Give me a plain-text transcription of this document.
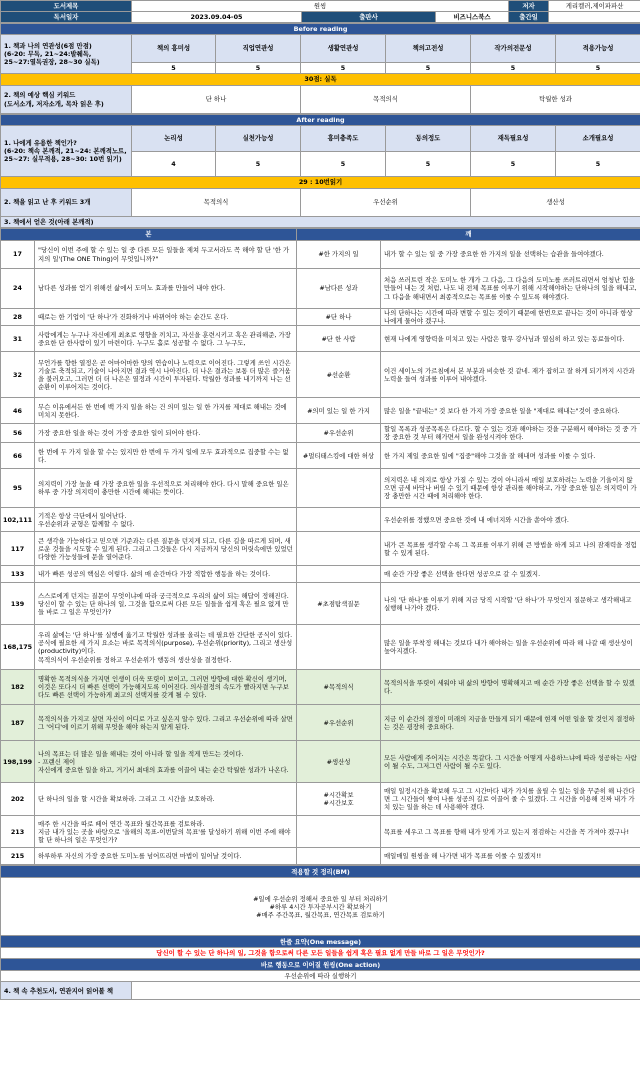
도서제목	원씽			저자	게리켈러,제이파파산
독서일자	2023.09.04-05	출판사	비즈니스북스	출간일	
Before reading						
1. 책과 나의 연관성(6점 만점)
(6-20: 무독, 21~24:발췌독,
25~27:열독권장, 28~30 실독)	책의 흥미성	직업연관성	생활연관성	책의고전성	작가의전문성	적용가능성
	5	5	5	5	5	5
30점: 실독						
2. 책의 예상 핵심 키워드
(도서소개, 저자소개, 목차 읽은 후)	단 하나		목적의식		탁월한 성과	
After reading						
1. 나에게 유용한 책인가?
(6-20: 책속 본깨적, 21~24: 본깨적노트,
25~27: 실무적용, 28~30: 10번 읽기)	논리성	실천가능성	흥미충족도	동의정도	재독필요성	소개필요성
	4	5	5	5	5	5
29 : 10번읽기						
2. 책을 읽고 난 후 키워드 3개	목적의식		우선순위		생산성	
3. 책에서 얻은 것(아래 본깨적)						
본		깨	
17	"당신이 이번 주에 할 수 있는 일 중 다른 모든 일들을 제쳐 두고서라도 꼭 해야 할 단 '한 가지의 일'(The ONE Thing)이 무엇입니까?"	#한 가지의 일	내가 할 수 있는 일 중 가장 중요한 한 가지의 일을 선택하는 습관을 들여야겠다.
24	남다른 성과를 얻기 위해선 삶에서 도미노 효과를 만들어 내야 한다.	#남다른 성과	처음 쓰러트린 작은 도미노 한 개가 그 다음, 그 다음의 도미노를 쓰러트리면서 엄청난 힘을 만들어 내는 것 처럼, 나도 내 전체 목표를 이루기 위해 시작해야하는 단하나의 일을 해내고, 그 다음을 해내면서 최종적으로는 목표를 이룰 수 있도록 해야겠다.
28	때로는 한 기업이 '단 하나'가 진화하거나 바뀌어야 하는 순간도 온다.	#단 하나	나의 단하나는 시간에 따라 변할 수 있는 것이기 때문에 한번으로 끝나는 것이 아니라 항상 나에게 물어야 겠구나.
31	사람에게는 누구나 자신에게 최초로 영향을 끼치고, 자신을 훈련시키고 혹은 관리해준, 가장 중요한 단 한사람이 있기 마련이다. 누구도 홀로 성공할 수 없다. 그 누구도,	#단 한 사람	현재 나에게 영향력을 미치고 있는 사람은 할무 강사님과 열심히 하고 있는 동료들이다.
32	무언가를 향한 열정은 곧 어마어마한 양의 연습이나 노력으로 이어진다. 그렇게 쓰인 시간은 기술로 축적되고, 기술이 나아지면 결과 역시 나아진다. 더 나은 결과는 보통 더 많은 즐거움을 불러오고, 그러면 더 더 나은은 열정과 시간이 투자된다. 탁월한 성과를 내기까지 나는 선순환이 이루어지는 것이다.	#선순환	이건 세이노의 가르침에서 본 부분과 비슷한 것 같네. 재가 잡히고 잘 하게 되기까지 시간과 노력을 들여 성과를 이루어 내야겠다.
46	무슨 이유에서든 한 번에 백 가지 일을 하는 건 의미 있는 일 한 가지를 제대로 해내는 것에 미치지 못한다.	#의미 있는 일 한 가지	많은 일을 "끝내는" 것 보다 한 가지 가장 중요한 일을 "제대로 해내는"것이 중요하다.
56	가장 중요한 일을 하는 것이 가장 중요한 일이 되어야 한다.	#우선순위	할일 목록과 성공목록은 다르다. 할 수 있는 것과 해야하는 것을 구분해서 해야하는 것 중 가장 중요한 것 부터 해가면서 일을 완성시켜야 한다.
66	한 번에 두 가지 일을 할 수는 있지만 한 번에 두 가지 일에 모두 효과적으로 집중할 수는 없다.	#멀티태스킹에 대한 허상	한 가지 제일 중요한 일에 "집중"해야 그것을 잘 해내며 성과를 이룰 수 있다.
95	의지력이 가장 높을 때 가장 중요한 일을 우선적으로 처리해야 한다. 다시 말해 중요한 일은 하루 중 가장 의지력이 충만한 시간에 해내는 뜻이다.		의지력은 내 의지로 항상 가질 수 있는 것이 아니라서 매일 보호하려는 노력을 기울이지 않으면 금세 바닥나 버릴 수 있기 때문에 항상 관리를 해야하고, 가장 중요한 일은 의지력이 가장 충만한 시간 때에 처리해야 한다.
102,111	기적은 항상 극단에서 일어난다.
우선순위과 균형은 함께할 수 없다.		우선순위를 정했으면 중요한 것에 내 에너지와 시간을 쏟아야 겠다.
117	큰 생각을 가능하다고 믿으면 기준과는 다른 질문을 던지게 되고, 다른 길을 따르게 되며, 새로운 것들을 시도할 수 있게 된다. 그리고 그것들은 다시 지금까지 당신의 머릿속에만 있었던 다양한 가능성들에 문을 열어준다.		내가 큰 목표를 생각할 수록 그 목표를 이루기 위해 큰 방법을 하게 되고 나의 잠재력을 경험할 수 있게 된다.
133	내가 빠른 성공의 핵심은 이렇다. 삶의 매 순간마다 가장 적합한 행동을 하는 것이다.		매 순간 가장 좋은 선택을 한다면 성공으로 갈 수 있겠지.
139	스스로에게 던지는 질문이 무엇이냐에 따라 궁극적으로 우리의 삶이 되는 해답이 정해진다.
당신이 할 수 있는 단 하나의 일, 그것을 함으로써 다른 모든 일들을 쉽게 혹은 필요 없게 만들 바로 그 일은 무엇인가?	#초점탐색질문	나의 '단 하나'를 이루기 위해 지금 당직 시작할 '단 하나'가 무엇인지 질문하고 생각해내고 실행해 나가야 겠다.
168,175	우리 삶에는 '단 하나'를 실행에 옮기고 탁월한 성과를 올리는 데 필요한 간단한 공식이 있다. 공식에 필요한 세 가지 요소는 바로 목적의식(purpose), 우선순위(priority), 그리고 생산성(productivity)이다.
목적의식이 우선순위를 정하고 우선순위가 행동의 생산성을 결정한다.		많은 일을 뚜착정 해내는 것보다 내가 해야하는 일을 우선순위에 따라 해 나갈 때 생산성이 높아지겠다.
182	명확한 목적의식을 가지면 인생이 더욱 또렷이 보이고, 그러면 방향에 대한 확신이 생기며, 이것은 또다시 더 빠른 선택이 가능해지도록 이어진다. 의사결정의 속도가 빨라지면 누구보다도 빠른 선택이 가능하게 최고의 선택지를 갖게 될 수 있다.	#목적의식	목적의식을 뚜렷이 세워야 내 삶의 방향이 명확해지고 매 순간 가장 좋은 선택을 할 수 있겠다.
187	목적의식을 가지고 살면 자신이 어디로 가고 싶은지 알수 있다. 그리고 우선순위에 따라 살면 그 '어디'에 이르기 위해 무엇을 해야 하는지 알게 된다.	#우선순위	지금 이 순간의 결정이 미래의 지금을 만들게 되기 때문에 현재 어떤 일을 할 것인지 결정하는 것은 굉장히 중요하다.
198,199	나의 목표는 더 많은 일을 해내는 것이 아니라 할 일을 적게 만드는 것이다.
- 프랜신 제이
자신에게 중요한 일을 하고, 거기서 최대의 효과를 이끌어 내는 순간 탁월한 성과가 나온다.	#생산성	모든 사람에게 주어지는 시간은 똑같다. 그 시간을 어떻게 사용하느냐에 따라 성공하는 사람이 될 수도, 그저그런 사람이 될 수도 있다.
202	단 하나의 일을 할 시간을 확보하라. 그리고 그 시간을 보호하라.	#시간확보
#시간보호	매일 일정시간을 확보해 두고 그 시간마다 내가 가치를 올릴 수 있는 일을 꾸준히 해 나간다면 그 시간들이 쌓여 나를 성공의 길로 이끌어 줄 수 있겠다. 그 시간을 이용해 진짜 내가 가치 있는 일을 하는 데 사용해야 겠다.
213	매주 한 시간을 따로 떼어 연간 목표와 월간목표를 검토하라.
지금 내가 있는 곳을 바탕으로 '올해의 목표-이번달의 목표'를 달성하기 위해 이번 주에 해야할 단 하나의 일은 무엇인가?		목표를 세우고 그 목표를 향해 내가 맞게 가고 있는지 점검하는 시간을 꼭 가져야 겠구나!
215	하루하루 자신의 가장 중요한 도미노를 넘어뜨리면 마법이 일어날 것이다.		매일매일 원씽을 해 나가면 내가 목표를 이룰 수 있겠지!!
적용할 것 정리(BM)

#일에 우선순위 정해서 중요한 일 부터 처리하기
#하루 4시간 투자공부시간 확보하기
#매주 주간목표, 월간목표, 연간목표 검토하기

한줄 요약(One message)
당신이 할 수 있는 단 하나의 일, 그것을 함으로써 다른 모든 일들을 쉽게 혹은 필요 없게 만들 바로 그 일은 무엇인가?
바로 행동으로 이어질 원씽(One action)
우선순위에 따라 실행하기
4. 책 속 추천도서, 연관지어 읽어볼 책	
